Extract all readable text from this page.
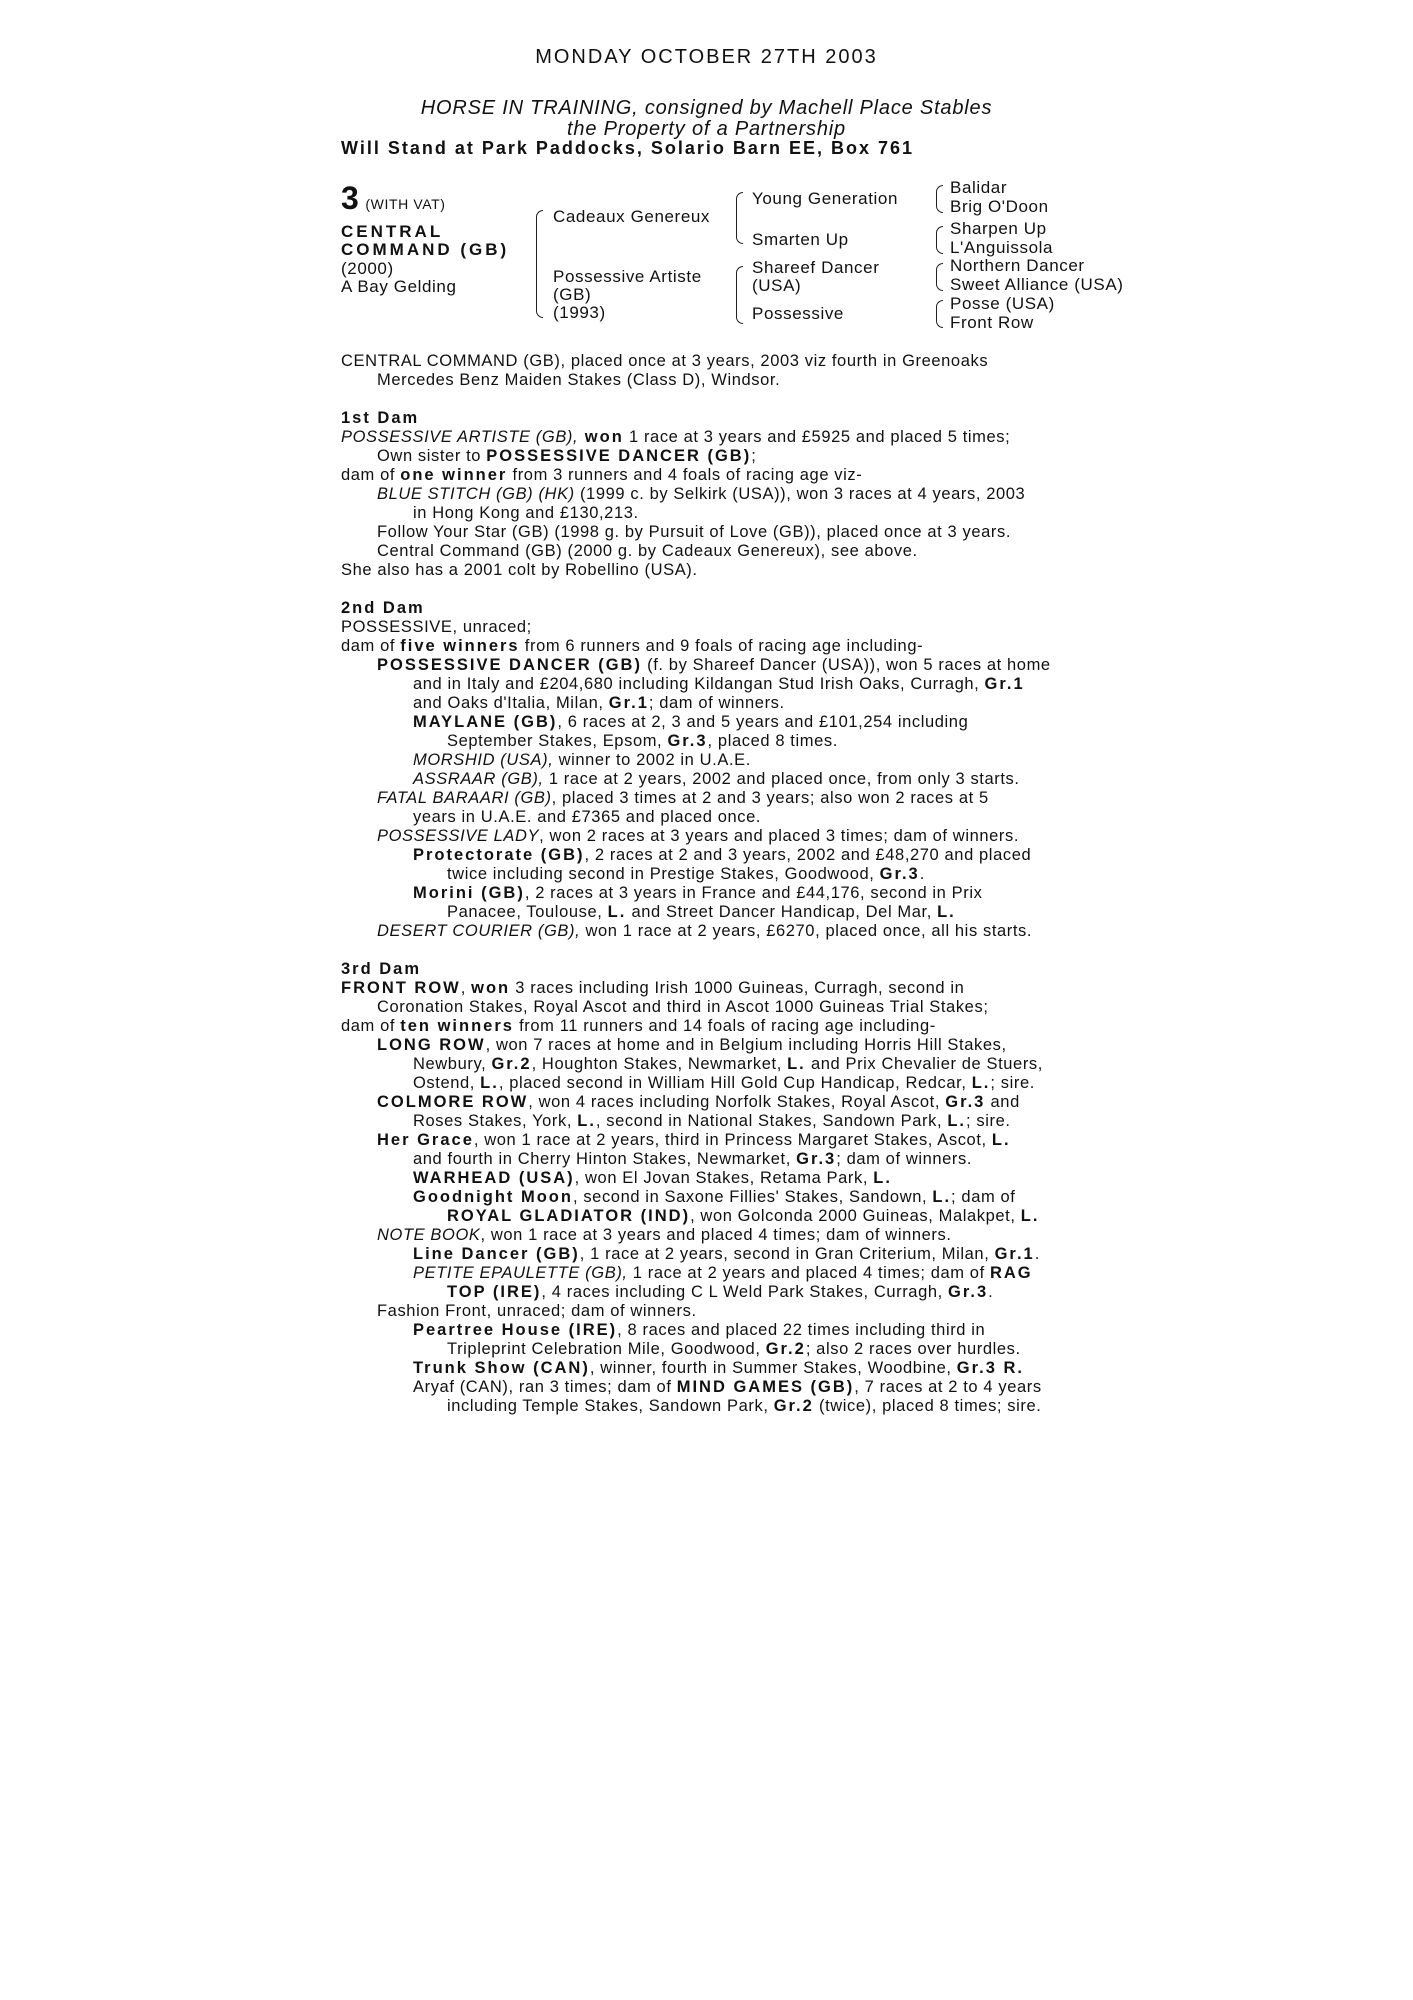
MONDAY OCTOBER 27TH 2003
HORSE IN TRAINING, consigned by Machell Place Stables
the Property of a Partnership
Will Stand at Park Paddocks, Solario Barn EE, Box 761
3 (WITH VAT)
CENTRAL
COMMAND (GB)
(2000)
A Bay Gelding
Cadeaux Genereux
Possessive Artiste
(GB)
(1993)
Young Generation
Smarten Up
Shareef Dancer
(USA)
Possessive
Balidar
Brig O'Doon
Sharpen Up
L'Anguissola
Northern Dancer
Sweet Alliance (USA)
Posse (USA)
Front Row
CENTRAL COMMAND (GB), placed once at 3 years, 2003 viz fourth in Greenoaks
Mercedes Benz Maiden Stakes (Class D), Windsor.
1st Dam
POSSESSIVE ARTISTE (GB), won 1 race at 3 years and £5925 and placed 5 times;
Own sister to POSSESSIVE DANCER (GB);
dam of one winner from 3 runners and 4 foals of racing age viz-
BLUE STITCH (GB) (HK) (1999 c. by Selkirk (USA)), won 3 races at 4 years, 2003
in Hong Kong and £130,213.
Follow Your Star (GB) (1998 g. by Pursuit of Love (GB)), placed once at 3 years.
Central Command (GB) (2000 g. by Cadeaux Genereux), see above.
She also has a 2001 colt by Robellino (USA).
2nd Dam
POSSESSIVE, unraced;
dam of five winners from 6 runners and 9 foals of racing age including-
POSSESSIVE DANCER (GB) (f. by Shareef Dancer (USA)), won 5 races at home
and in Italy and £204,680 including Kildangan Stud Irish Oaks, Curragh, Gr.1
and Oaks d'Italia, Milan, Gr.1; dam of winners.
MAYLANE (GB), 6 races at 2, 3 and 5 years and £101,254 including
September Stakes, Epsom, Gr.3, placed 8 times.
MORSHID (USA), winner to 2002 in U.A.E.
ASSRAAR (GB), 1 race at 2 years, 2002 and placed once, from only 3 starts.
FATAL BARAARI (GB), placed 3 times at 2 and 3 years; also won 2 races at 5
years in U.A.E. and £7365 and placed once.
POSSESSIVE LADY, won 2 races at 3 years and placed 3 times; dam of winners.
Protectorate (GB), 2 races at 2 and 3 years, 2002 and £48,270 and placed
twice including second in Prestige Stakes, Goodwood, Gr.3.
Morini (GB), 2 races at 3 years in France and £44,176, second in Prix
Panacee, Toulouse, L. and Street Dancer Handicap, Del Mar, L.
DESERT COURIER (GB), won 1 race at 2 years, £6270, placed once, all his starts.
3rd Dam
FRONT ROW, won 3 races including Irish 1000 Guineas, Curragh, second in
Coronation Stakes, Royal Ascot and third in Ascot 1000 Guineas Trial Stakes;
dam of ten winners from 11 runners and 14 foals of racing age including-
LONG ROW, won 7 races at home and in Belgium including Horris Hill Stakes,
Newbury, Gr.2, Houghton Stakes, Newmarket, L. and Prix Chevalier de Stuers,
Ostend, L., placed second in William Hill Gold Cup Handicap, Redcar, L.; sire.
COLMORE ROW, won 4 races including Norfolk Stakes, Royal Ascot, Gr.3 and
Roses Stakes, York, L., second in National Stakes, Sandown Park, L.; sire.
Her Grace, won 1 race at 2 years, third in Princess Margaret Stakes, Ascot, L.
and fourth in Cherry Hinton Stakes, Newmarket, Gr.3; dam of winners.
WARHEAD (USA), won El Jovan Stakes, Retama Park, L.
Goodnight Moon, second in Saxone Fillies' Stakes, Sandown, L.; dam of
ROYAL GLADIATOR (IND), won Golconda 2000 Guineas, Malakpet, L.
NOTE BOOK, won 1 race at 3 years and placed 4 times; dam of winners.
Line Dancer (GB), 1 race at 2 years, second in Gran Criterium, Milan, Gr.1.
PETITE EPAULETTE (GB), 1 race at 2 years and placed 4 times; dam of RAG
TOP (IRE), 4 races including C L Weld Park Stakes, Curragh, Gr.3.
Fashion Front, unraced; dam of winners.
Peartree House (IRE), 8 races and placed 22 times including third in
Tripleprint Celebration Mile, Goodwood, Gr.2; also 2 races over hurdles.
Trunk Show (CAN), winner, fourth in Summer Stakes, Woodbine, Gr.3 R.
Aryaf (CAN), ran 3 times; dam of MIND GAMES (GB), 7 races at 2 to 4 years
including Temple Stakes, Sandown Park, Gr.2 (twice), placed 8 times; sire.
